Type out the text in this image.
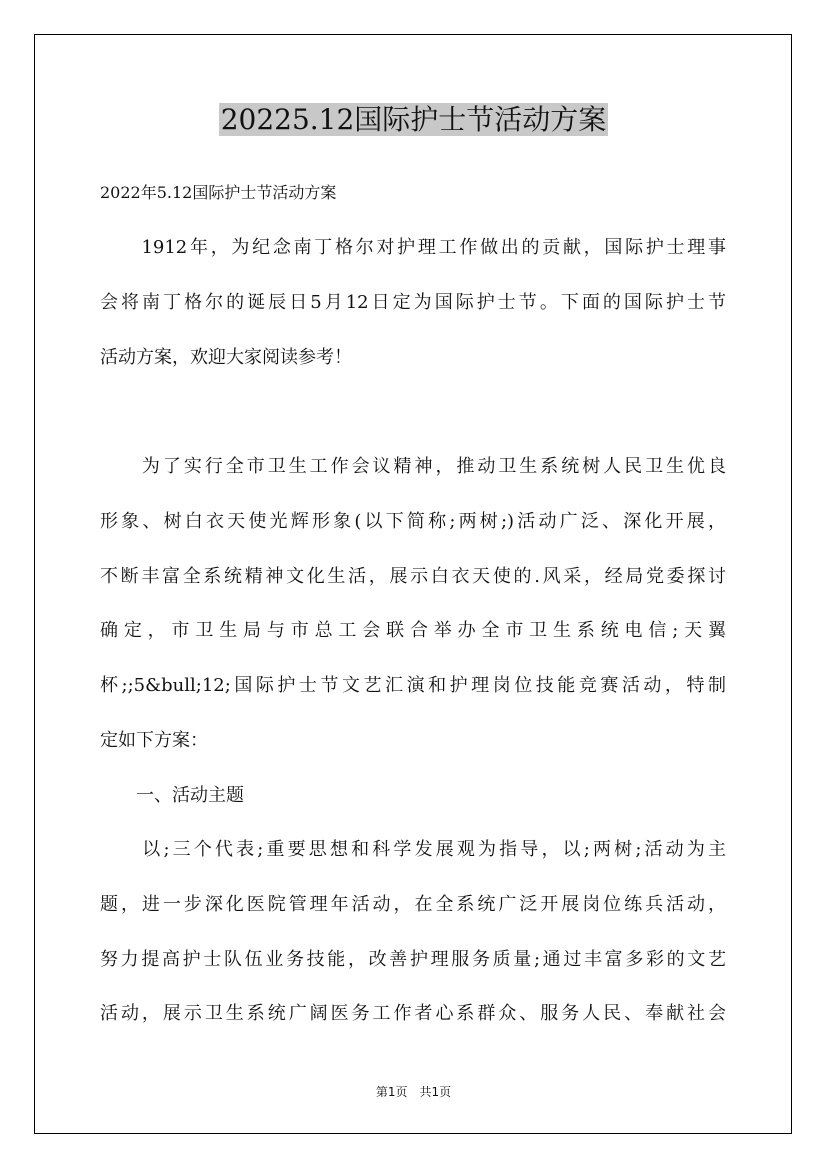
20225.12国际护士节活动方案
2022年5.12国际护士节活动方案
　　1912年，为纪念南丁格尔对护理工作做出的贡献，国际护士理事
会将南丁格尔的诞辰日5月12日定为国际护士节。下面的国际护士节
活动方案，欢迎大家阅读参考！
　　为了实行全市卫生工作会议精神，推动卫生系统树人民卫生优良
形象、树白衣天使光辉形象(以下简称;两树;)活动广泛、深化开展，
不断丰富全系统精神文化生活，展示白衣天使的.风采，经局党委探讨
确定，市卫生局与市总工会联合举办全市卫生系统电信;天翼
杯;;5&bull;12;国际护士节文艺汇演和护理岗位技能竞赛活动，特制
定如下方案：
　　一、活动主题
　　以;三个代表;重要思想和科学发展观为指导，以;两树;活动为主
题，进一步深化医院管理年活动，在全系统广泛开展岗位练兵活动，
努力提高护士队伍业务技能，改善护理服务质量;通过丰富多彩的文艺
活动，展示卫生系统广阔医务工作者心系群众、服务人民、奉献社会
第1页　共1页
